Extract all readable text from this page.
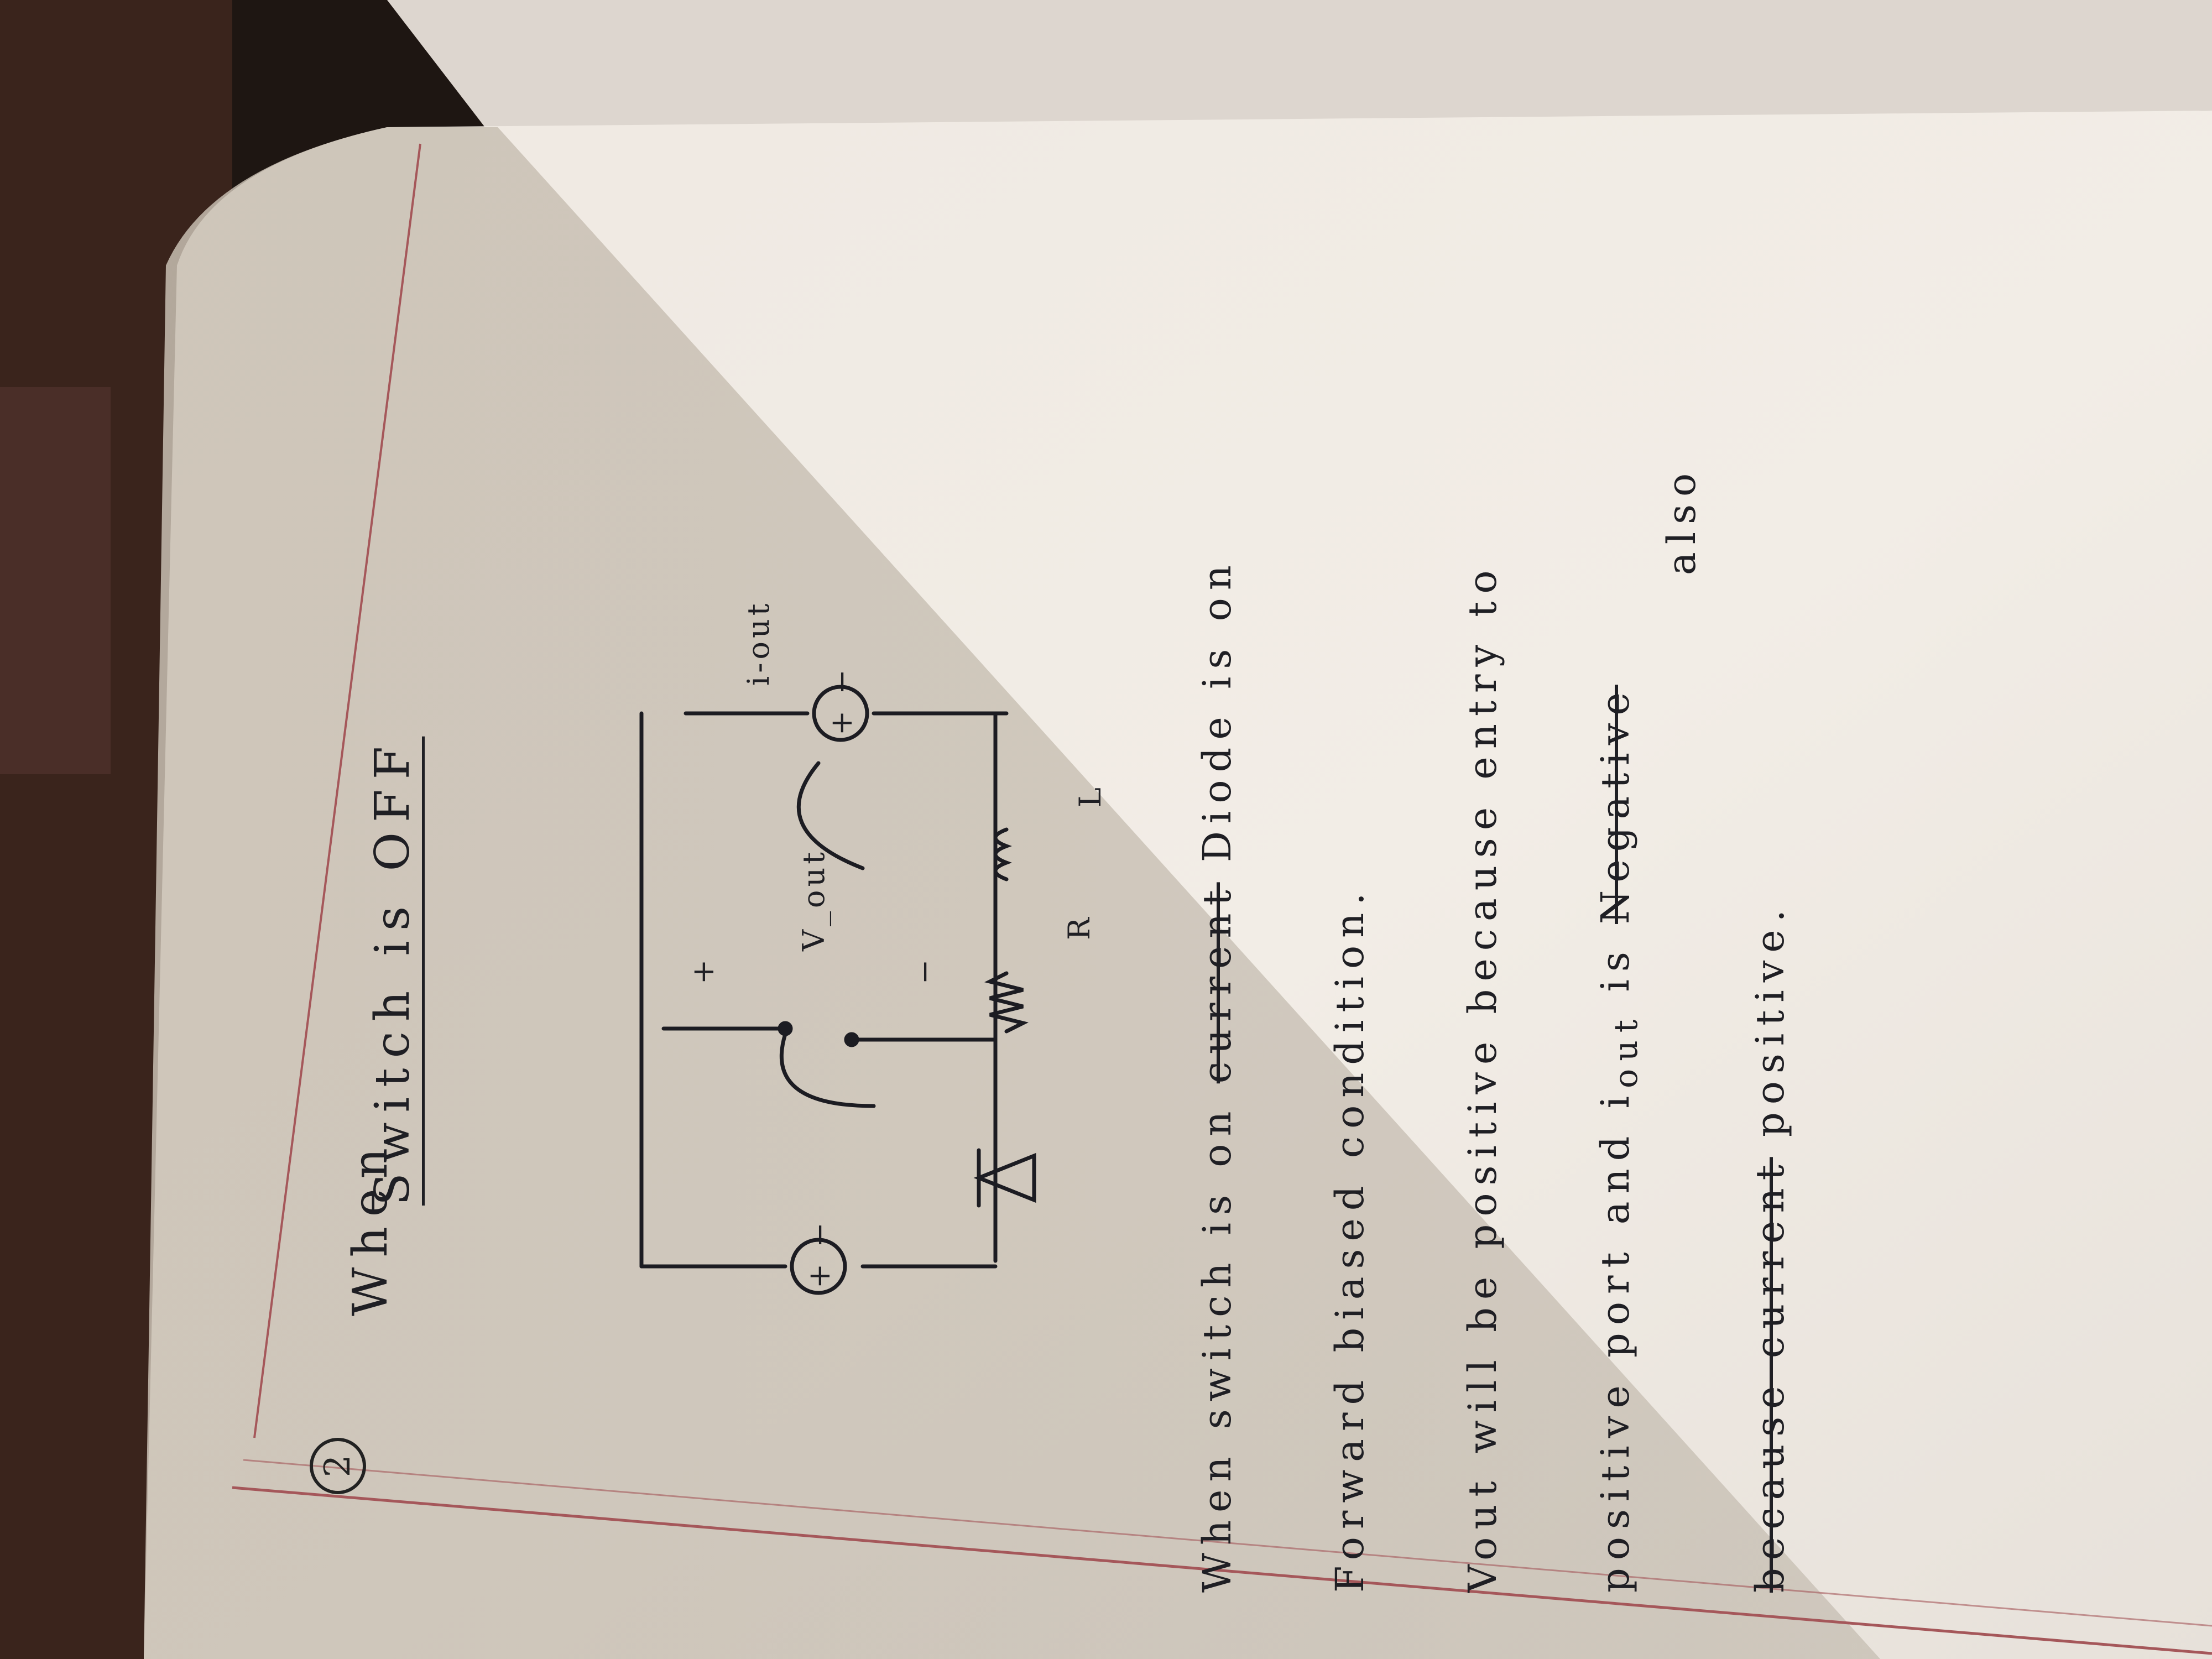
2
When
Switch is OFF	+	−
V_out
i-out
R
L
+ −
+ −
When switch is on current Diode is on
Forward biased condition. Vout will be positive because entry to positive port and $i_{out}$ is Negative
also
because current positive.
